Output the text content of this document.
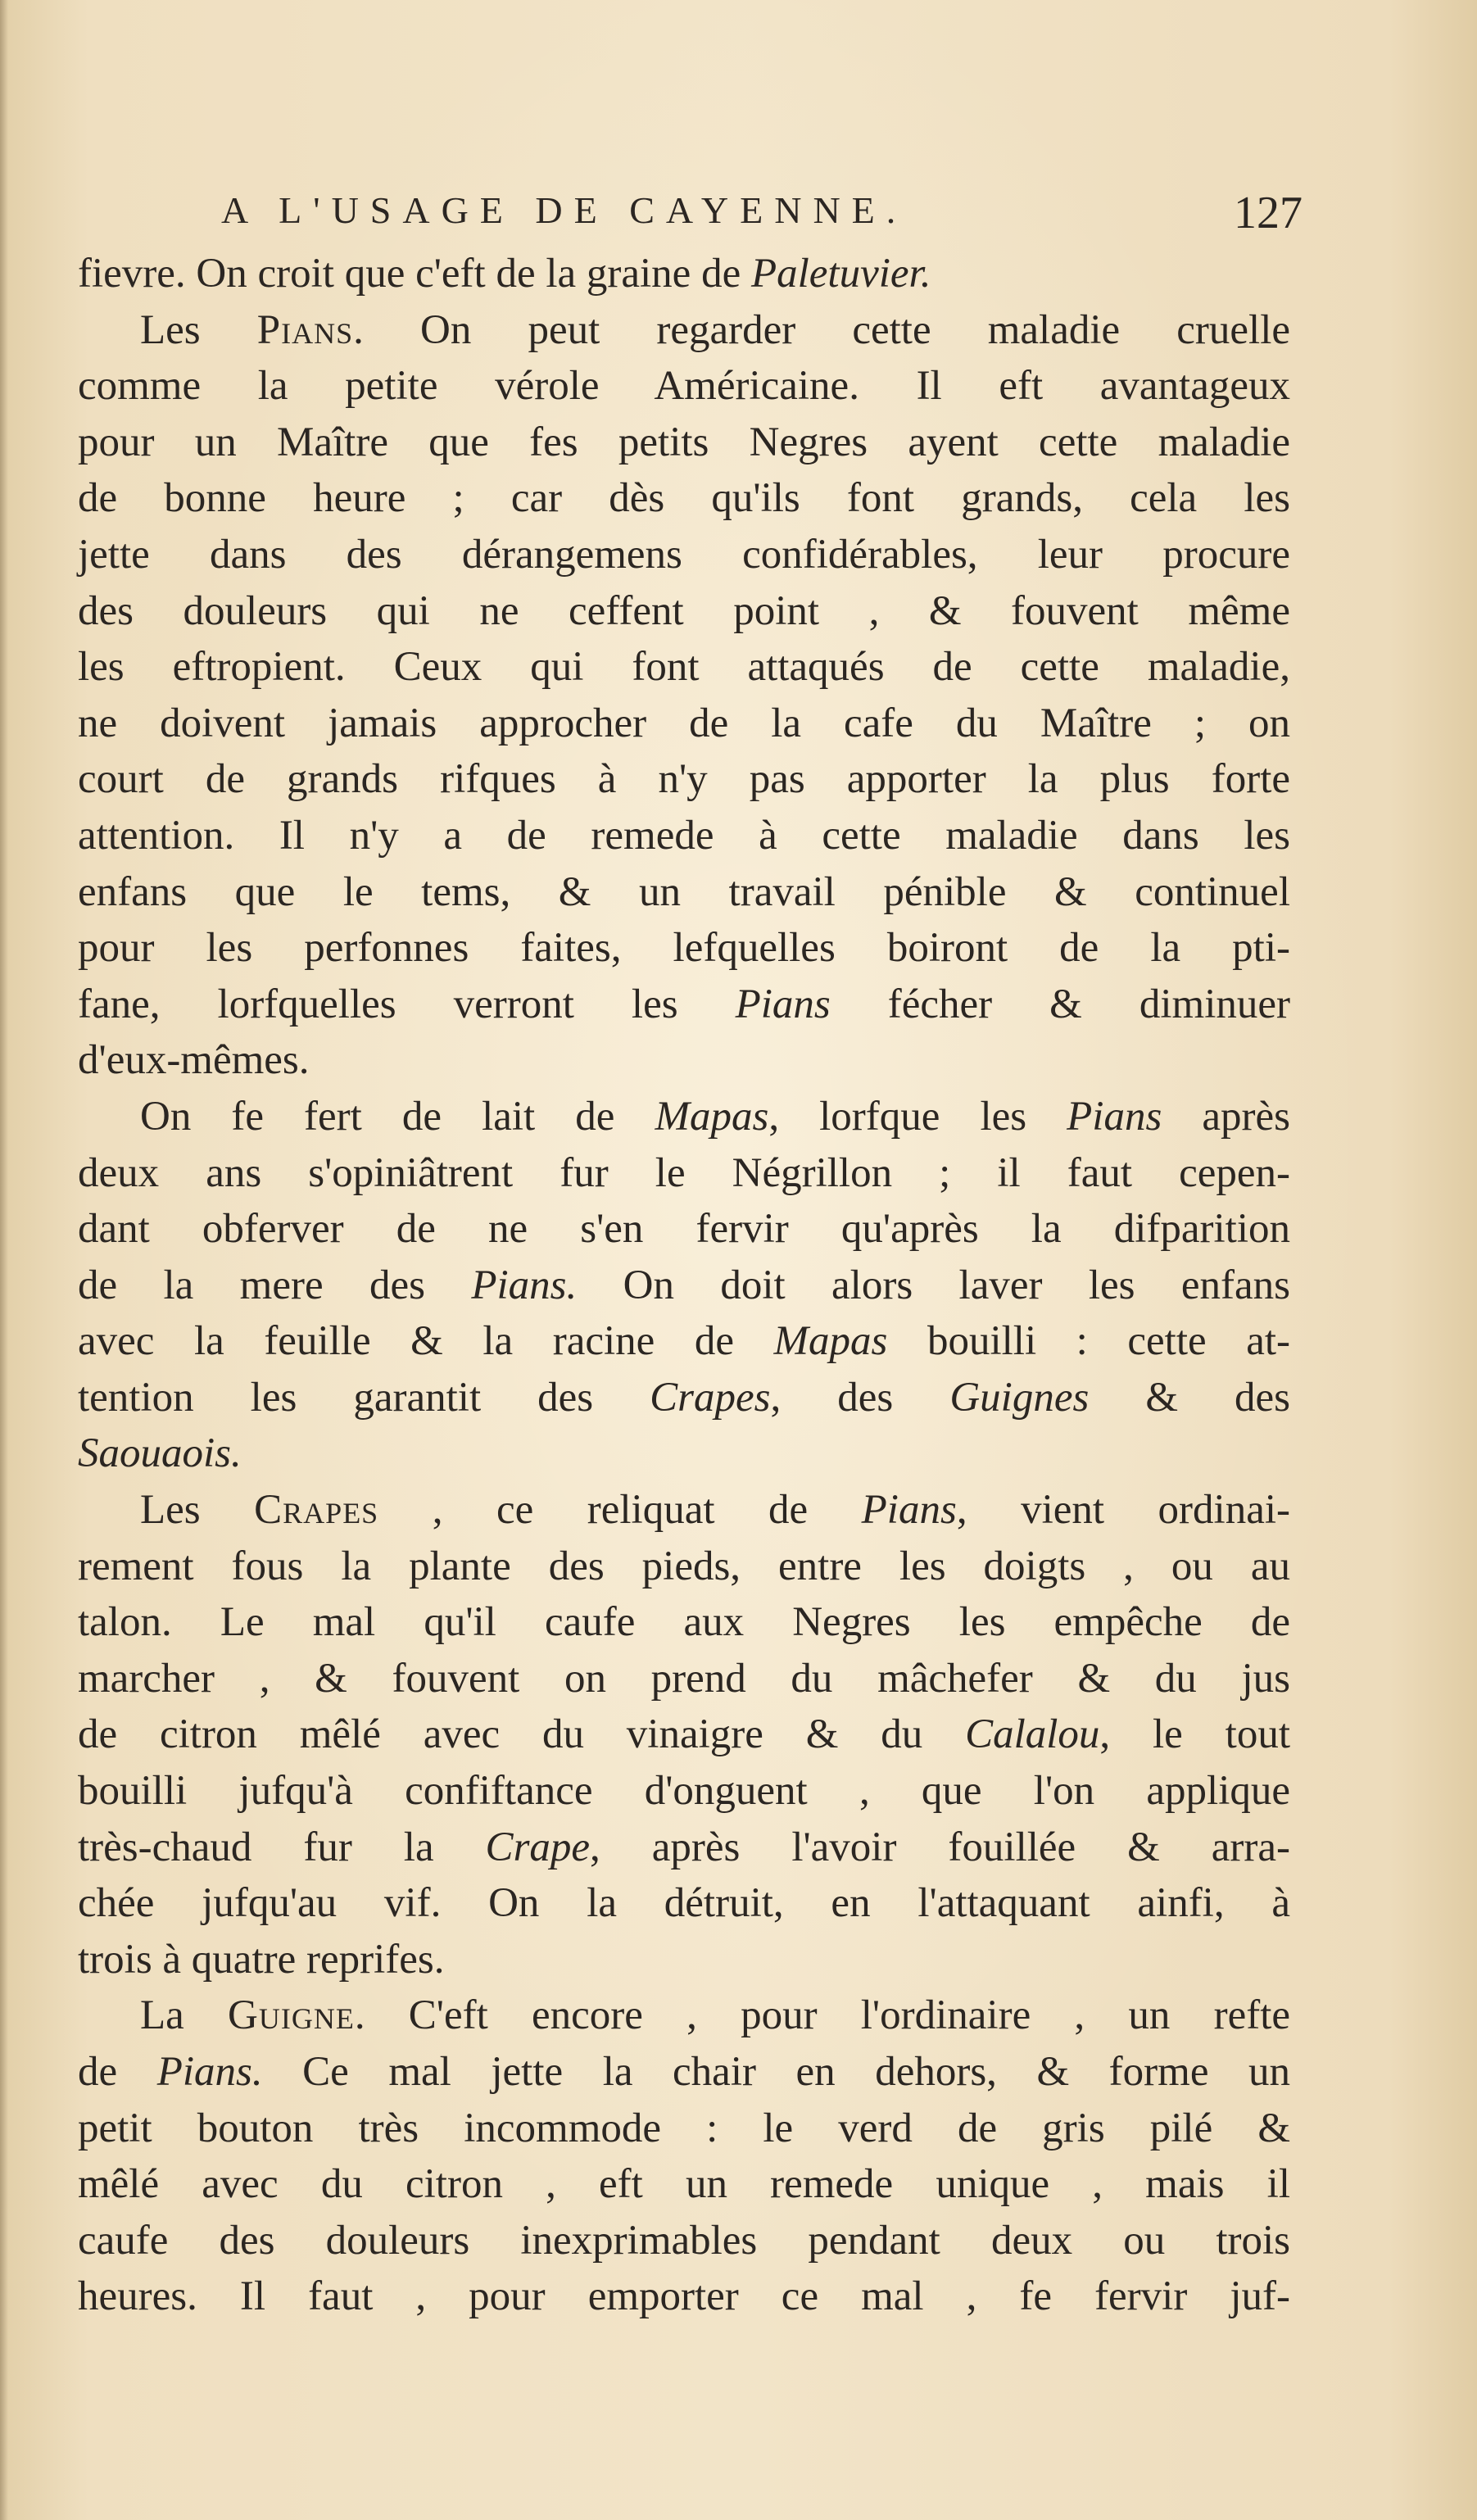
A L'USAGE DE CAYENNE.	127

fievre. On croit que c'eft de la graine de Paletuvier.

Les Pians. On peut regarder cette maladie cruelle

comme la petite vérole Américaine. Il eft avantageux

pour un Maître que fes petits Negres ayent cette maladie

de bonne heure ; car dès qu'ils font grands, cela les

jette dans des dérangemens confidérables, leur procure

des douleurs qui ne ceffent point , & fouvent même

les eftropient. Ceux qui font attaqués de cette maladie,

ne doivent jamais approcher de la cafe du Maître ; on

court de grands rifques à n'y pas apporter la plus forte

attention. Il n'y a de remede à cette maladie dans les

enfans que le tems, & un travail pénible & continuel

pour les perfonnes faites, lefquelles boiront de la pti-

fane, lorfquelles verront les Pians fécher & diminuer

d'eux-mêmes.

On fe fert de lait de Mapas, lorfque les Pians après

deux ans s'opiniâtrent fur le Négrillon ; il faut cepen-

dant obferver de ne s'en fervir qu'après la difparition

de la mere des Pians. On doit alors laver les enfans

avec la feuille & la racine de Mapas bouilli : cette at-

tention les garantit des Crapes, des Guignes & des

Saouaois.

Les Crapes , ce reliquat de Pians, vient ordinai-

rement fous la plante des pieds, entre les doigts , ou au

talon. Le mal qu'il caufe aux Negres les empêche de

marcher , & fouvent on prend du mâchefer & du jus

de citron mêlé avec du vinaigre & du Calalou, le tout

bouilli jufqu'à confiftance d'onguent , que l'on applique

très-chaud fur la Crape, après l'avoir fouillée & arra-

chée jufqu'au vif. On la détruit, en l'attaquant ainfi, à

trois à quatre reprifes.

La Guigne. C'eft encore , pour l'ordinaire , un refte

de Pians. Ce mal jette la chair en dehors, & forme un

petit bouton très incommode : le verd de gris pilé &

mêlé avec du citron , eft un remede unique , mais il

caufe des douleurs inexprimables pendant deux ou trois

heures. Il faut , pour emporter ce mal , fe fervir juf-
